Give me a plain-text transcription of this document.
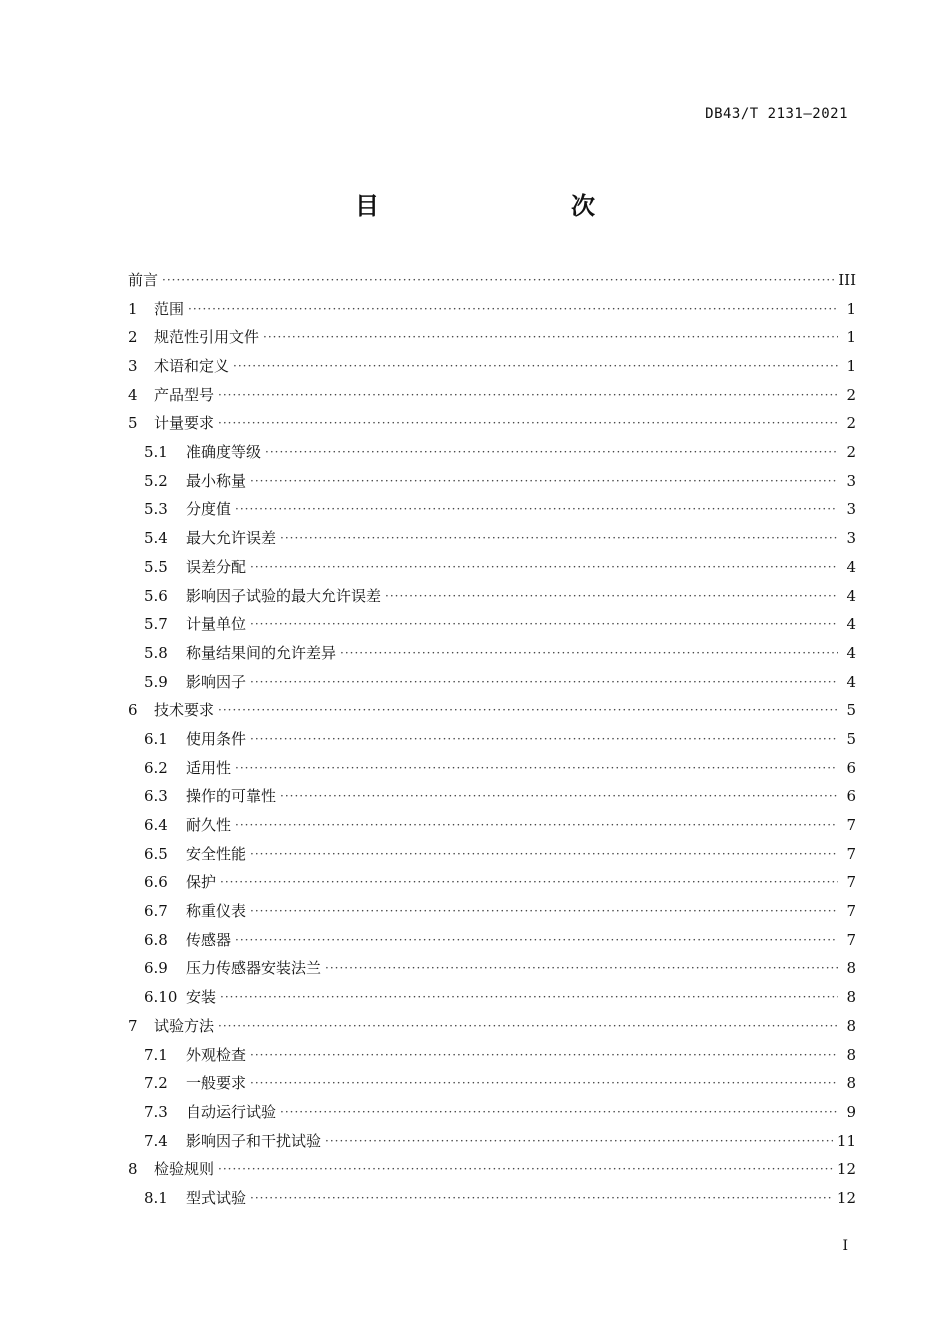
DB43/T 2131—2021
目　　次
前言 ·····	III
1	范围 ·····	1
2	规范性引用文件 ·····	1
3	术语和定义 ·····	1
4	产品型号 ·····	2
5	计量要求 ·····	2
5.1	准确度等级 ·····	2
5.2	最小称量 ·····	3
5.3	分度值 ·····	3
5.4	最大允许误差 ·····	3
5.5	误差分配 ·····	4
5.6	影响因子试验的最大允许误差 ·····	4
5.7	计量单位 ·····	4
5.8	称量结果间的允许差异 ·····	4
5.9	影响因子 ·····	4
6	技术要求 ·····	5
6.1	使用条件 ·····	5
6.2	适用性 ·····	6
6.3	操作的可靠性 ·····	6
6.4	耐久性 ·····	7
6.5	安全性能 ·····	7
6.6	保护 ·····	7
6.7	称重仪表 ·····	7
6.8	传感器 ·····	7
6.9	压力传感器安装法兰 ·····	8
6.10 安装 ·····	8
7	试验方法 ·····	8
7.1	外观检查 ·····	8
7.2	一般要求 ·····	8
7.3	自动运行试验 ·····	9
7.4	影响因子和干扰试验 ·····	11
8	检验规则 ·····	12
8.1	型式试验 ·····	12
I
